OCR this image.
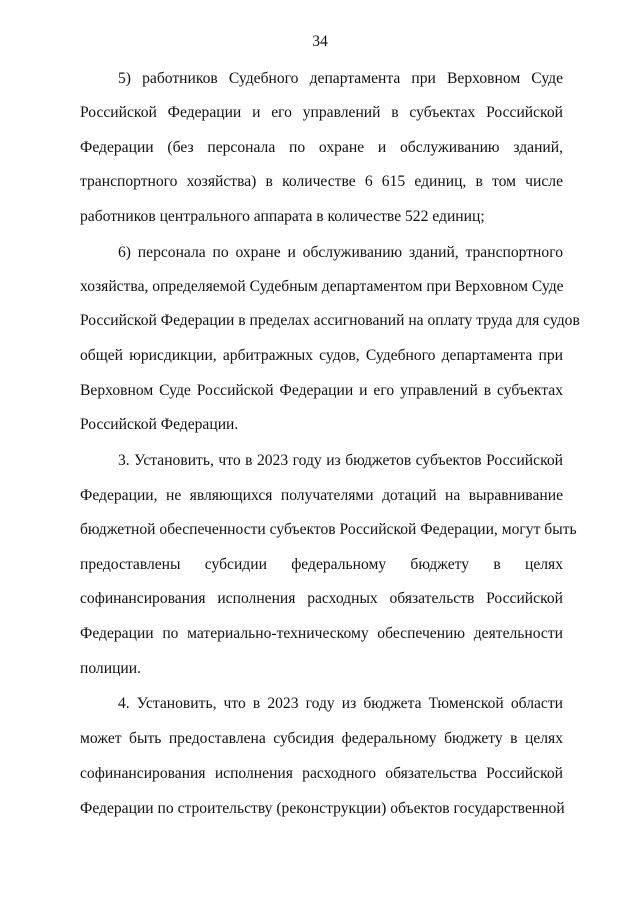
34
5) работников Судебного департамента при Верховном Суде
Российской Федерации и его управлений в субъектах Российской
Федерации (без персонала по охране и обслуживанию зданий,
транспортного хозяйства) в количестве 6 615 единиц, в том числе
работников центрального аппарата в количестве 522 единиц;
6) персонала по охране и обслуживанию зданий, транспортного
хозяйства, определяемой Судебным департаментом при Верховном Суде
Российской Федерации в пределах ассигнований на оплату труда для судов
общей юрисдикции, арбитражных судов, Судебного департамента при
Верховном Суде Российской Федерации и его управлений в субъектах
Российской Федерации.
3. Установить, что в 2023 году из бюджетов субъектов Российской
Федерации, не являющихся получателями дотаций на выравнивание
бюджетной обеспеченности субъектов Российской Федерации, могут быть
предоставлены субсидии федеральному бюджету в целях
софинансирования исполнения расходных обязательств Российской
Федерации по материально-техническому обеспечению деятельности
полиции.
4. Установить, что в 2023 году из бюджета Тюменской области
может быть предоставлена субсидия федеральному бюджету в целях
софинансирования исполнения расходного обязательства Российской
Федерации по строительству (реконструкции) объектов государственной
